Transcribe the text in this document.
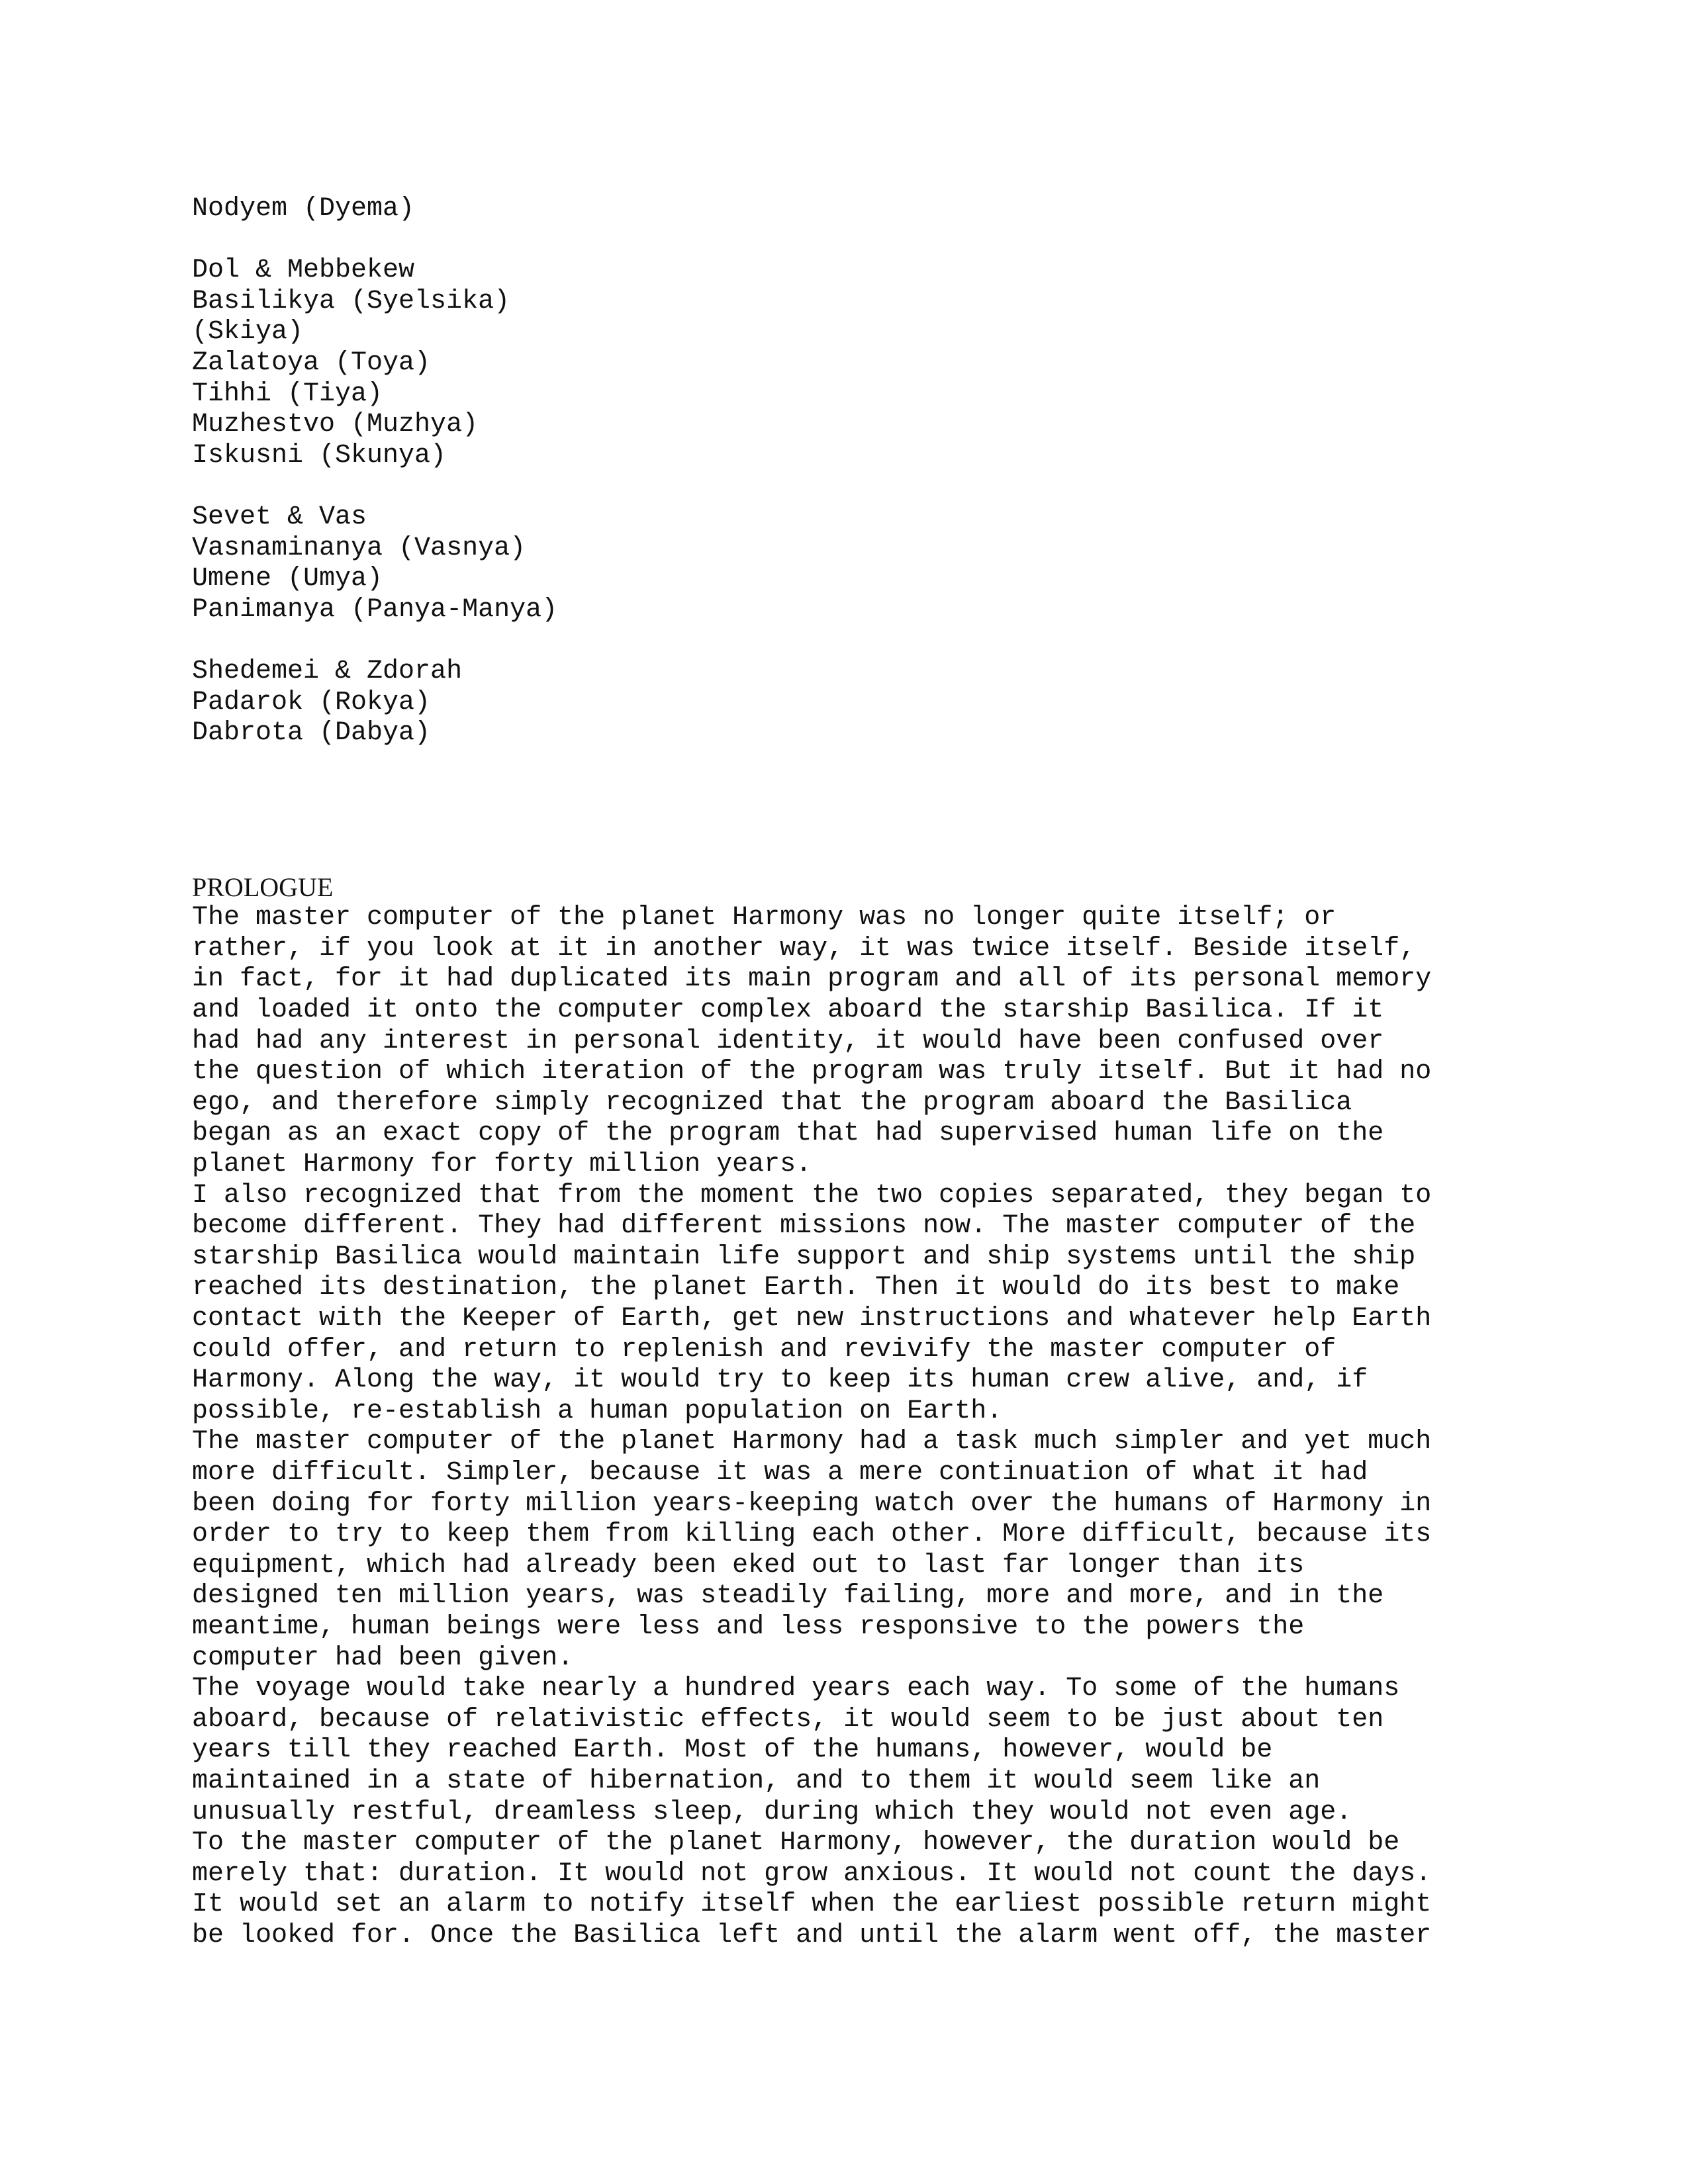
Nodyem (Dyema)
Dol & Mebbekew
Basilikya (Syelsika)
(Skiya)
Zalatoya (Toya)
Tihhi (Tiya)
Muzhestvo (Muzhya)
Iskusni (Skunya)
Sevet & Vas
Vasnaminanya (Vasnya)
Umene (Umya)
Panimanya (Panya-Manya)
Shedemei & Zdorah
Padarok (Rokya)
Dabrota (Dabya)
PROLOGUE
The master computer of the planet Harmony was no longer quite itself; or
rather, if you look at it in another way, it was twice itself. Beside itself,
in fact, for it had duplicated its main program and all of its personal memory
and loaded it onto the computer complex aboard the starship Basilica. If it
had had any interest in personal identity, it would have been confused over
the question of which iteration of the program was truly itself. But it had no
ego, and therefore simply recognized that the program aboard the Basilica
began as an exact copy of the program that had supervised human life on the
planet Harmony for forty million years.
I also recognized that from the moment the two copies separated, they began to
become different. They had different missions now. The master computer of the
starship Basilica would maintain life support and ship systems until the ship
reached its destination, the planet Earth. Then it would do its best to make
contact with the Keeper of Earth, get new instructions and whatever help Earth
could offer, and return to replenish and revivify the master computer of
Harmony. Along the way, it would try to keep its human crew alive, and, if
possible, re-establish a human population on Earth.
The master computer of the planet Harmony had a task much simpler and yet much
more difficult. Simpler, because it was a mere continuation of what it had
been doing for forty million years-keeping watch over the humans of Harmony in
order to try to keep them from killing each other. More difficult, because its
equipment, which had already been eked out to last far longer than its
designed ten million years, was steadily failing, more and more, and in the
meantime, human beings were less and less responsive to the powers the
computer had been given.
The voyage would take nearly a hundred years each way. To some of the humans
aboard, because of relativistic effects, it would seem to be just about ten
years till they reached Earth. Most of the humans, however, would be
maintained in a state of hibernation, and to them it would seem like an
unusually restful, dreamless sleep, during which they would not even age.
To the master computer of the planet Harmony, however, the duration would be
merely that: duration. It would not grow anxious. It would not count the days.
It would set an alarm to notify itself when the earliest possible return might
be looked for. Once the Basilica left and until the alarm went off, the master
